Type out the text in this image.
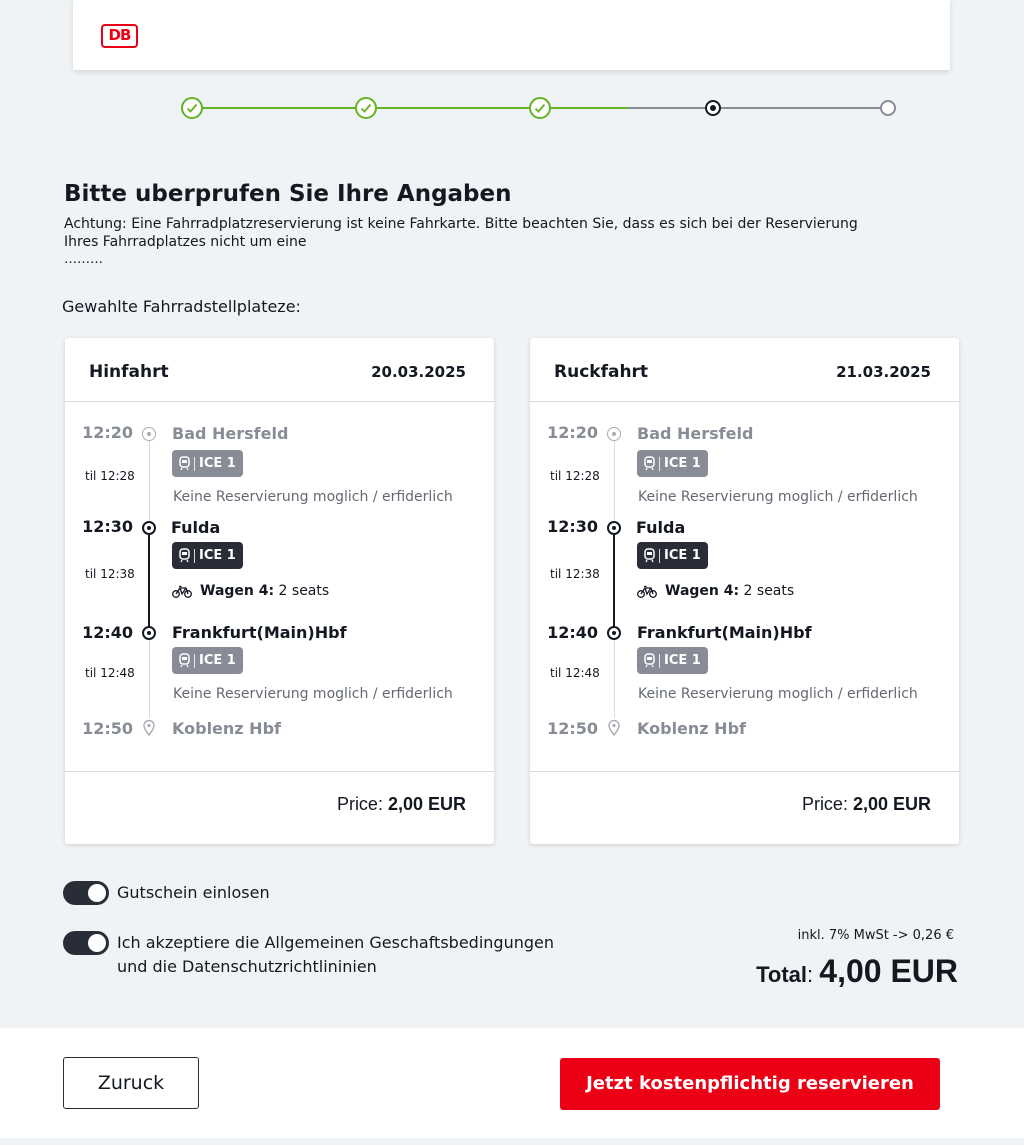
DB
Bitte uberprufen Sie Ihre Angaben
Achtung: Eine Fahrradplatzreservierung ist keine Fahrkarte. Bitte beachten Sie, dass es sich bei der Reservierung Ihres Fahrradplatzes nicht um eine
………
Gewahlte Fahrradstellplateze:
Hinfahrt	20.03.2025
12:20 Bad Hersfeld
ICE 1
til 12:28
Keine Reservierung moglich / erfiderlich
12:30 Fulda
ICE 1
til 12:38
Wagen 4: 2 seats
12:40 Frankfurt(Main)Hbf
ICE 1
til 12:48
Keine Reservierung moglich / erfiderlich
12:50 Koblenz Hbf
Price: 2,00 EUR
Ruckfahrt	21.03.2025
12:20 Bad Hersfeld
ICE 1
til 12:28
Keine Reservierung moglich / erfiderlich
12:30 Fulda
ICE 1
til 12:38
Wagen 4: 2 seats
12:40 Frankfurt(Main)Hbf
ICE 1
til 12:48
Keine Reservierung moglich / erfiderlich
12:50 Koblenz Hbf
Price: 2,00 EUR
Gutschein einlosen
Ich akzeptiere die Allgemeinen Geschaftsbedingungen
und die Datenschutzrichtlininien
inkl. 7% MwSt -> 0,26 €
Total: 4,00 EUR
Zuruck	Jetzt kostenpflichtig reservieren
